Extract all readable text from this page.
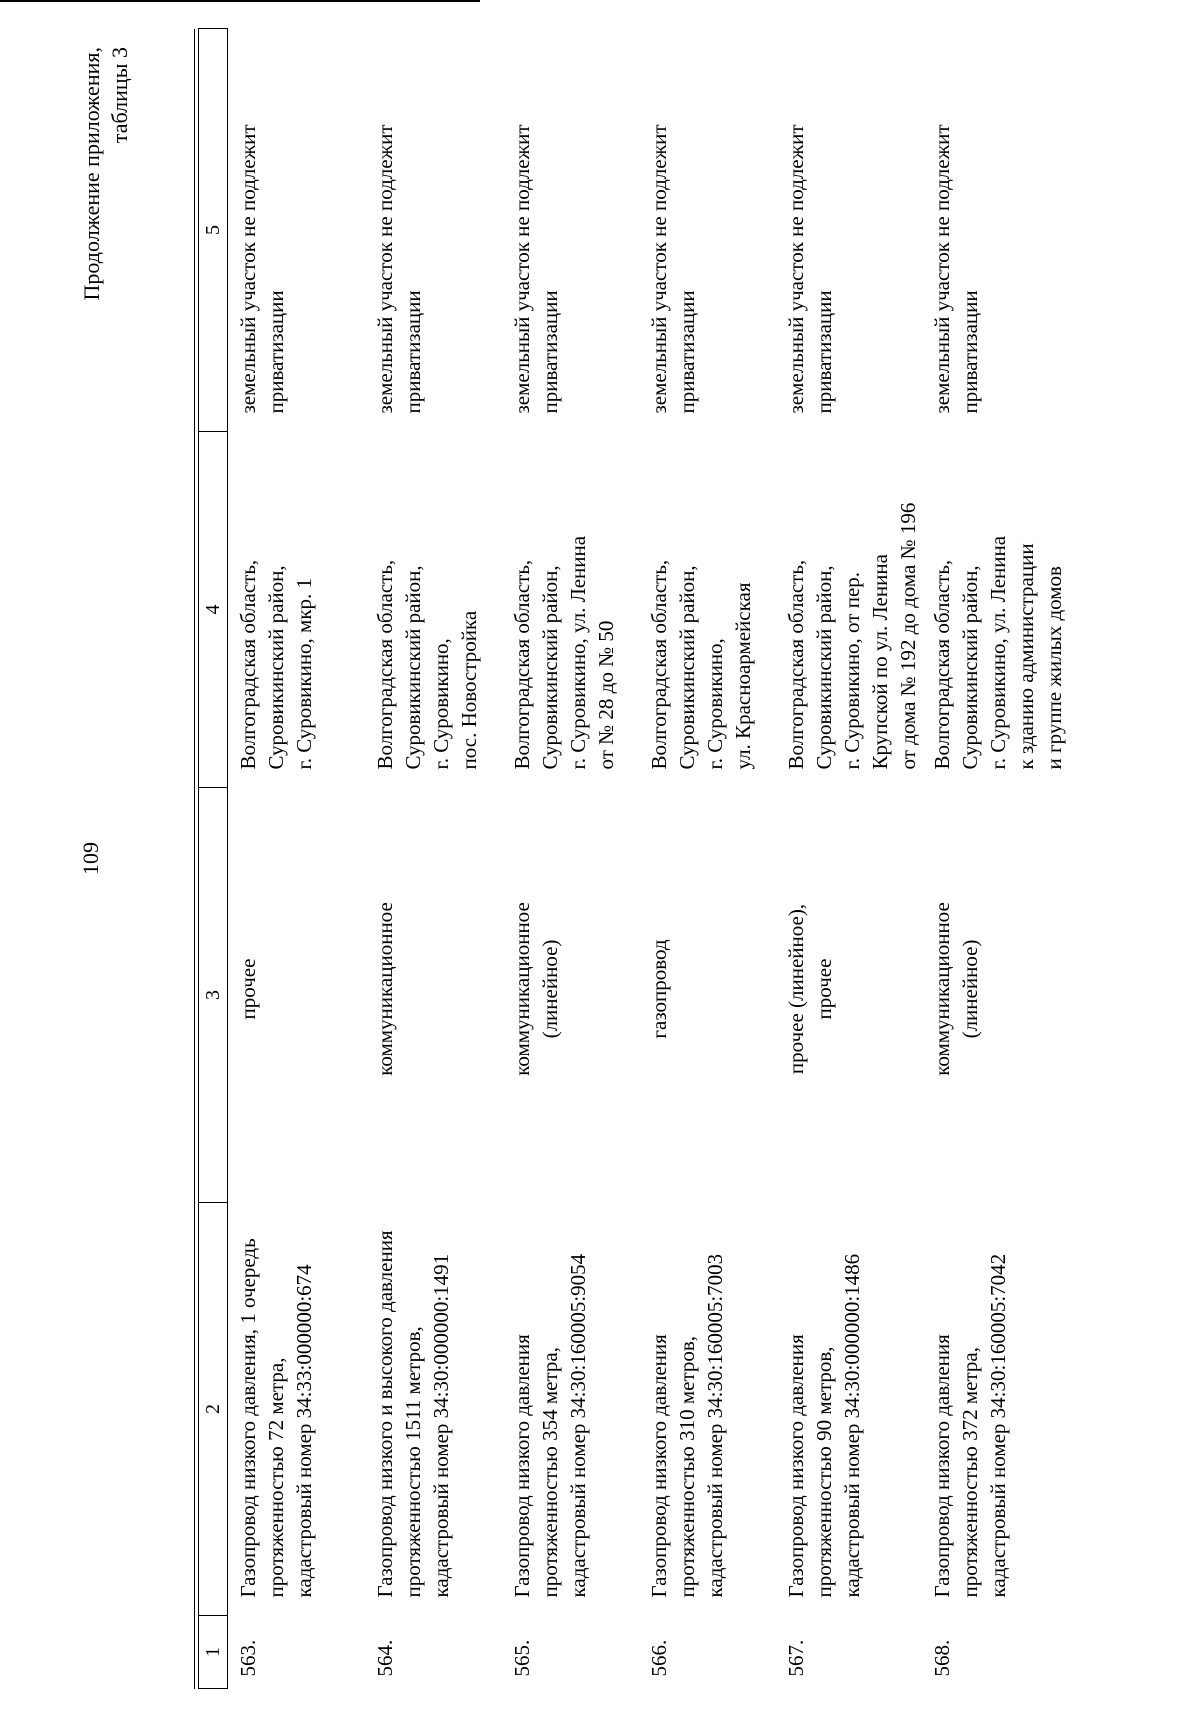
109
Продолжение приложения, таблицы 3
1	2	3	4	5
563.	Газопровод низкого давления, 1 очередь протяженностью 72 метра, кадастровый номер 34:33:000000:674	прочее	Волгоградская область, Суровикинский район, г. Суровикино, мкр. 1	земельный участок не подлежит приватизации

564.	Газопровод низкого и высокого давления протяженностью 1511 метров, кадастровый номер 34:30:000000:1491	коммуникационное	Волгоградская область, Суровикинский район, г. Суровикино, пос. Новостройка	земельный участок не подлежит приватизации

565.	Газопровод низкого давления протяженностью 354 метра, кадастровый номер 34:30:160005:9054	коммуникационное (линейное)	Волгоградская область, Суровикинский район, г. Суровикино, ул. Ленина от № 28 до № 50	земельный участок не подлежит приватизации

566.	Газопровод низкого давления протяженностью 310 метров, кадастровый номер 34:30:160005:7003	газопровод	Волгоградская область, Суровикинский район, г. Суровикино, ул. Красноармейская	земельный участок не подлежит приватизации

567.	Газопровод низкого давления протяженностью 90 метров, кадастровый номер 34:30:000000:1486	прочее (линейное), прочее	Волгоградская область, Суровикинский район, г. Суровикино, от пер. Крупской по ул. Ленина от дома № 192 до дома № 196	земельный участок не подлежит приватизации

568.	Газопровод низкого давления протяженностью 372 метра, кадастровый номер 34:30:160005:7042	коммуникационное (линейное)	Волгоградская область, Суровикинский район, г. Суровикино, ул. Ленина к зданию администрации и группе жилых домов	земельный участок не подлежит приватизации
